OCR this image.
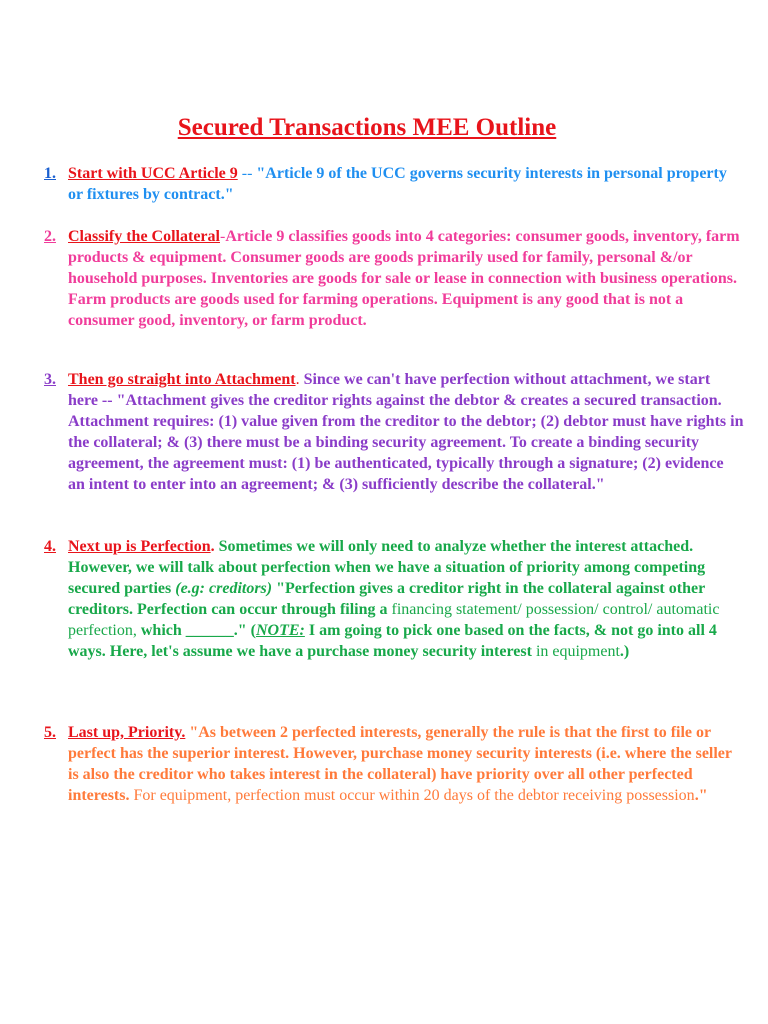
Secured Transactions MEE Outline
1. Start with UCC Article 9 -- "Article 9 of the UCC governs security interests in personal property or fixtures by contract."
2. Classify the Collateral-Article 9 classifies goods into 4 categories: consumer goods, inventory, farm products & equipment. Consumer goods are goods primarily used for family, personal &/or household purposes. Inventories are goods for sale or lease in connection with business operations. Farm products are goods used for farming operations. Equipment is any good that is not a consumer good, inventory, or farm product.
3. Then go straight into Attachment. Since we can't have perfection without attachment, we start here -- "Attachment gives the creditor rights against the debtor & creates a secured transaction. Attachment requires: (1) value given from the creditor to the debtor; (2) debtor must have rights in the collateral; & (3) there must be a binding security agreement. To create a binding security agreement, the agreement must: (1) be authenticated, typically through a signature; (2) evidence an intent to enter into an agreement; & (3) sufficiently describe the collateral."
4. Next up is Perfection. Sometimes we will only need to analyze whether the interest attached. However, we will talk about perfection when we have a situation of priority among competing secured parties (e.g: creditors) "Perfection gives a creditor right in the collateral against other creditors. Perfection can occur through filing a financing statement/ possession/ control/ automatic perfection, which ______." (NOTE: I am going to pick one based on the facts, & not go into all 4 ways. Here, let's assume we have a purchase money security interest in equipment.)
5. Last up, Priority. "As between 2 perfected interests, generally the rule is that the first to file or perfect has the superior interest. However, purchase money security interests (i.e. where the seller is also the creditor who takes interest in the collateral) have priority over all other perfected interests. For equipment, perfection must occur within 20 days of the debtor receiving possession."
